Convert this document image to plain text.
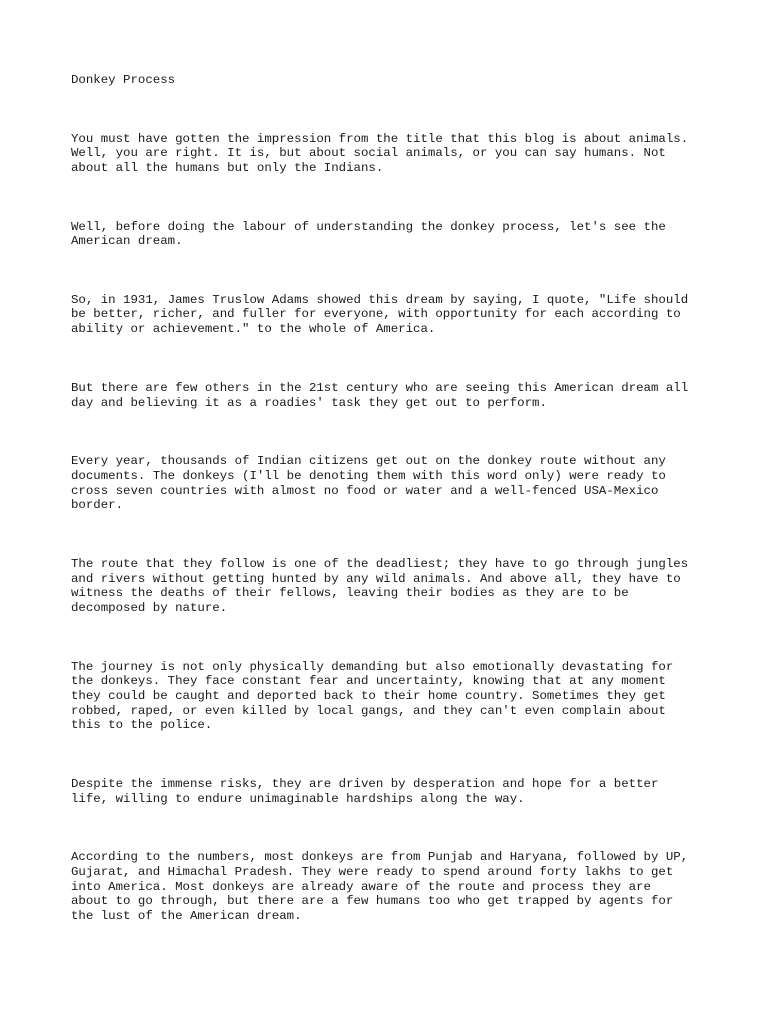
Donkey Process

You must have gotten the impression from the title that this blog is about animals.

Well, you are right. It is, but about social animals, or you can say humans. Not

about all the humans but only the Indians.

Well, before doing the labour of understanding the donkey process, let's see the

American dream.

So, in 1931, James Truslow Adams showed this dream by saying, I quote, "Life should

be better, richer, and fuller for everyone, with opportunity for each according to

ability or achievement." to the whole of America.

But there are few others in the 21st century who are seeing this American dream all

day and believing it as a roadies' task they get out to perform.

Every year, thousands of Indian citizens get out on the donkey route without any

documents. The donkeys (I'll be denoting them with this word only) were ready to

cross seven countries with almost no food or water and a well-fenced USA-Mexico

border.

The route that they follow is one of the deadliest; they have to go through jungles

and rivers without getting hunted by any wild animals. And above all, they have to

witness the deaths of their fellows, leaving their bodies as they are to be

decomposed by nature.

The journey is not only physically demanding but also emotionally devastating for

the donkeys. They face constant fear and uncertainty, knowing that at any moment

they could be caught and deported back to their home country. Sometimes they get

robbed, raped, or even killed by local gangs, and they can't even complain about

this to the police.

Despite the immense risks, they are driven by desperation and hope for a better

life, willing to endure unimaginable hardships along the way.

According to the numbers, most donkeys are from Punjab and Haryana, followed by UP,

Gujarat, and Himachal Pradesh. They were ready to spend around forty lakhs to get

into America. Most donkeys are already aware of the route and process they are

about to go through, but there are a few humans too who get trapped by agents for

the lust of the American dream.
